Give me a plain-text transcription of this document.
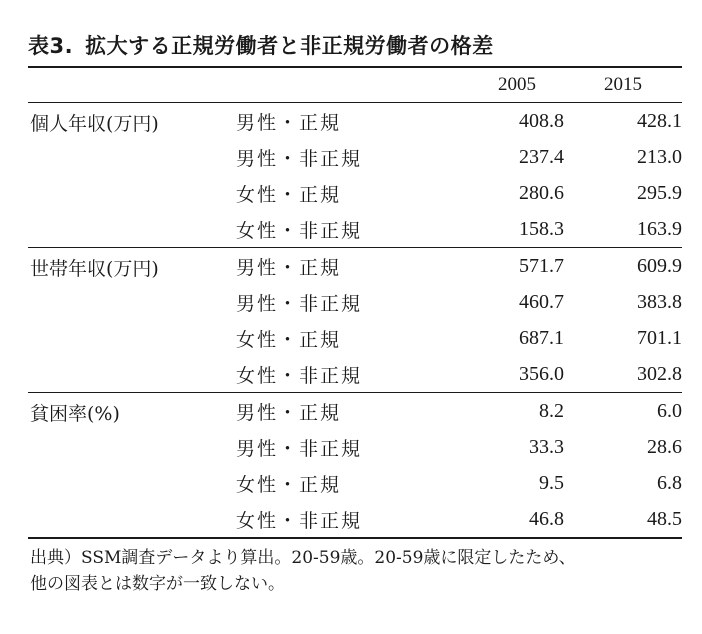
表3. 拡大する正規労働者と非正規労働者の格差
		2005	2015
個人年収(万円)	男性・正規	408.8	428.1
	男性・非正規	237.4	213.0
	女性・正規	280.6	295.9
	女性・非正規	158.3	163.9
世帯年収(万円)	男性・正規	571.7	609.9
	男性・非正規	460.7	383.8
	女性・正規	687.1	701.1
	女性・非正規	356.0	302.8
貧困率(%)	男性・正規	8.2	6.0
	男性・非正規	33.3	28.6
	女性・正規	9.5	6.8
	女性・非正規	46.8	48.5
出典）SSM調査データより算出。20-59歳。20-59歳に限定したため、
他の図表とは数字が一致しない。
